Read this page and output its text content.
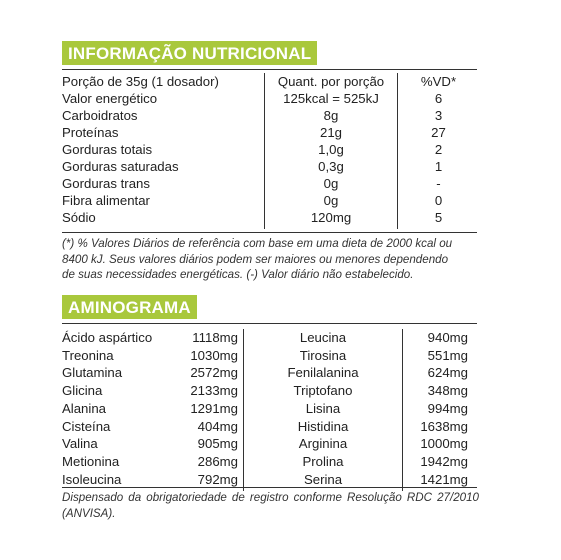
INFORMAÇÃO NUTRICIONAL
Porção de 35g (1 dosador)	Quant. por porção	%VD*
Valor energético	125kcal = 525kJ	6
Carboidratos	8g	3
Proteínas	21g	27
Gorduras totais	1,0g	2
Gorduras saturadas	0,3g	1
Gorduras trans	0g	-
Fibra alimentar	0g	0
Sódio	120mg	5
(*) % Valores Diários de referência com base em uma dieta de 2000 kcal ou
8400 kJ. Seus valores diários podem ser maiores ou menores dependendo
de suas necessidades energéticas. (-) Valor diário não estabelecido.
AMINOGRAMA
Ácido aspártico	1118mg	Leucina	940mg
Treonina	1030mg	Tirosina	551mg
Glutamina	2572mg	Fenilalanina	624mg
Glicina	2133mg	Triptofano	348mg
Alanina	1291mg	Lisina	994mg
Cisteína	404mg	Histidina	1638mg
Valina	905mg	Arginina	1000mg
Metionina	286mg	Prolina	1942mg
Isoleucina	792mg	Serina	1421mg
Dispensado da obrigatoriedade de registro conforme Resolução RDC 27/2010 (ANVISA).
